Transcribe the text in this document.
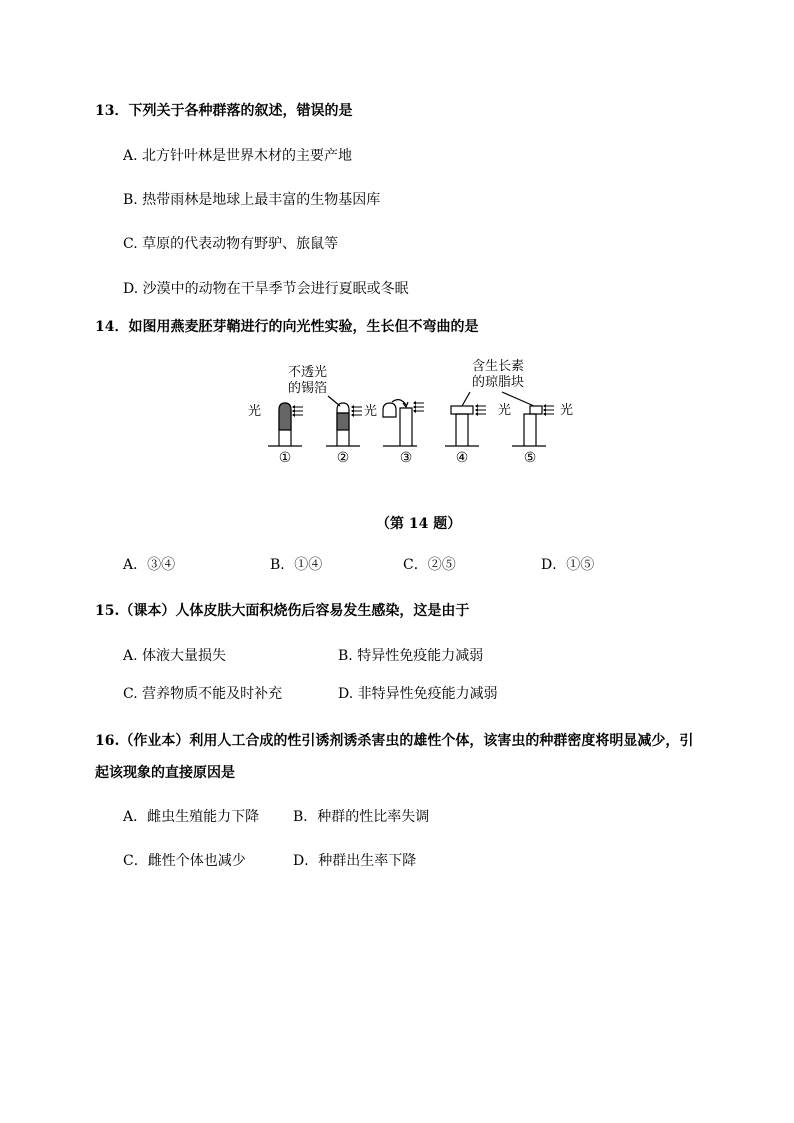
13．下列关于各种群落的叙述，错误的是
A. 北方针叶林是世界木材的主要产地
B. 热带雨林是地球上最丰富的生物基因库
C. 草原的代表动物有野驴、旅鼠等
D. 沙漠中的动物在干旱季节会进行夏眠或冬眠
14．如图用燕麦胚芽鞘进行的向光性实验，生长但不弯曲的是
光	光	光	光
不透光
的锡箔
含生长素
的琼脂块
①	②	③	④	⑤
（第 14 题）
A．③④	B．①④	C．②⑤	D．①⑤
15.（课本）人体皮肤大面积烧伤后容易发生感染，这是由于
A. 体液大量损失	B. 特异性免疫能力减弱
C. 营养物质不能及时补充	D. 非特异性免疫能力减弱
16.（作业本）利用人工合成的性引诱剂诱杀害虫的雄性个体，该害虫的种群密度将明显减少，引
起该现象的直接原因是
A．雌虫生殖能力下降 B．种群的性比率失调
C．雌性个体也减少	D．种群出生率下降
